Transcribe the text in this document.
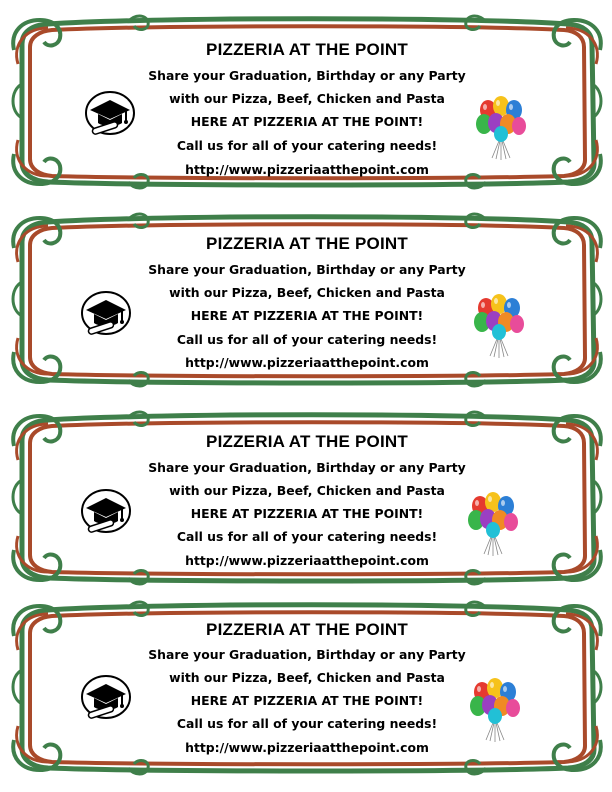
PIZZERIA AT THE POINT
Share your Graduation, Birthday or any Party
with our Pizza, Beef, Chicken and Pasta
HERE AT PIZZERIA AT THE POINT!
Call us for all of your catering needs!
http://www.pizzeriaatthepoint.com
PIZZERIA AT THE POINT
Share your Graduation, Birthday or any Party
with our Pizza, Beef, Chicken and Pasta
HERE AT PIZZERIA AT THE POINT!
Call us for all of your catering needs!
http://www.pizzeriaatthepoint.com
PIZZERIA AT THE POINT
Share your Graduation, Birthday or any Party
with our Pizza, Beef, Chicken and Pasta
HERE AT PIZZERIA AT THE POINT!
Call us for all of your catering needs!
http://www.pizzeriaatthepoint.com
PIZZERIA AT THE POINT
Share your Graduation, Birthday or any Party
with our Pizza, Beef, Chicken and Pasta
HERE AT PIZZERIA AT THE POINT!
Call us for all of your catering needs!
http://www.pizzeriaatthepoint.com
